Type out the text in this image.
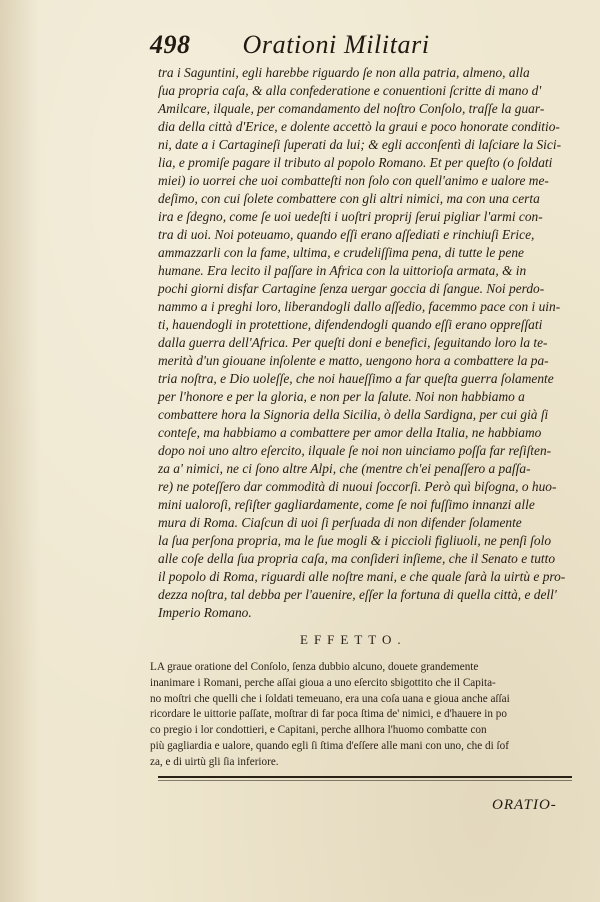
498 Orationi Militari
tra i Saguntini, egli harebbe riguardo ſe non alla patria, almeno, alla
ſua propria caſa, & alla confederatione e conuentioni ſcritte di mano d'
Amilcare, ilquale, per comandamento del noſtro Conſolo, traſſe la guar-
dia della città d'Erice, e dolente accettò la graui e poco honorate conditio-
ni, date a i Cartagineſi ſuperati da lui; & egli acconſentì di laſciare la Sici-
lia, e promiſe pagare il tributo al popolo Romano. Et per queſto (o ſoldati
miei) io uorrei che uoi combatteſti non ſolo con quell'animo e ualore me-
deſimo, con cui ſolete combattere con gli altri nimici, ma con una certa
ira e ſdegno, come ſe uoi uedeſti i uoſtri proprij ſerui pigliar l'armi con-
tra di uoi. Noi poteuamo, quando eſſi erano aſſediati e rinchiuſi Erice,
ammazzarli con la fame, ultima, e crudeliſſima pena, di tutte le pene
humane. Era lecito il paſſare in Africa con la uittorioſa armata, & in
pochi giorni disfar Cartagine ſenza uergar goccia di ſangue. Noi perdo-
nammo a i preghi loro, liberandogli dallo aſſedio, facemmo pace con i uin-
ti, hauendogli in protettione, difendendogli quando eſſi erano oppreſſati
dalla guerra dell'Africa. Per queſti doni e benefici, ſeguitando loro la te-
merità d'un giouane inſolente e matto, uengono hora a combattere la pa-
tria noſtra, e Dio uoleſſe, che noi haueſſimo a far queſta guerra ſolamente
per l'honore e per la gloria, e non per la ſalute. Noi non habbiamo a
combattere hora la Signoria della Sicilia, ò della Sardigna, per cui già ſi
conteſe, ma habbiamo a combattere per amor della Italia, ne habbiamo
dopo noi uno altro eſercito, ilquale ſe noi non uinciamo poſſa far reſiſten-
za a' nimici, ne ci ſono altre Alpi, che (mentre ch'ei penaſſero a paſſa-
re) ne poteſſero dar commodità di nuoui ſoccorſi. Però quì biſogna, o huo-
mini ualoroſi, reſiſter gagliardamente, come ſe noi fuſſimo innanzi alle
mura di Roma. Ciaſcun di uoi ſi perſuada di non difender ſolamente
la ſua perſona propria, ma le ſue mogli & i piccioli figliuoli, ne penſi ſolo
alle coſe della ſua propria caſa, ma conſideri inſieme, che il Senato e tutto
il popolo di Roma, riguardi alle noſtre mani, e che quale ſarà la uirtù e pro-
dezza noſtra, tal debba per l'auenire, eſſer la fortuna di quella città, e dell'
Imperio Romano.
EFFETTO.
LA graue oratione del Conſolo, ſenza dubbio alcuno, douete grandemente
inanimare i Romani, perche aſſai gioua a uno eſercito sbigottito che il Capita-
no moſtri che quelli che i ſoldati temeuano, era una coſa uana e gioua anche aſſai
ricordare le uittorie paſſate, moſtrar di far poca ſtima de' nimici, e d'hauere in po
co pregio i lor condottieri, e Capitani, perche allhora l'huomo combatte con
più gagliardia e ualore, quando egli ſi ſtima d'eſſere alle mani con uno, che di ſof
za, e di uirtù gli ſia inferiore.
ORATIO-
